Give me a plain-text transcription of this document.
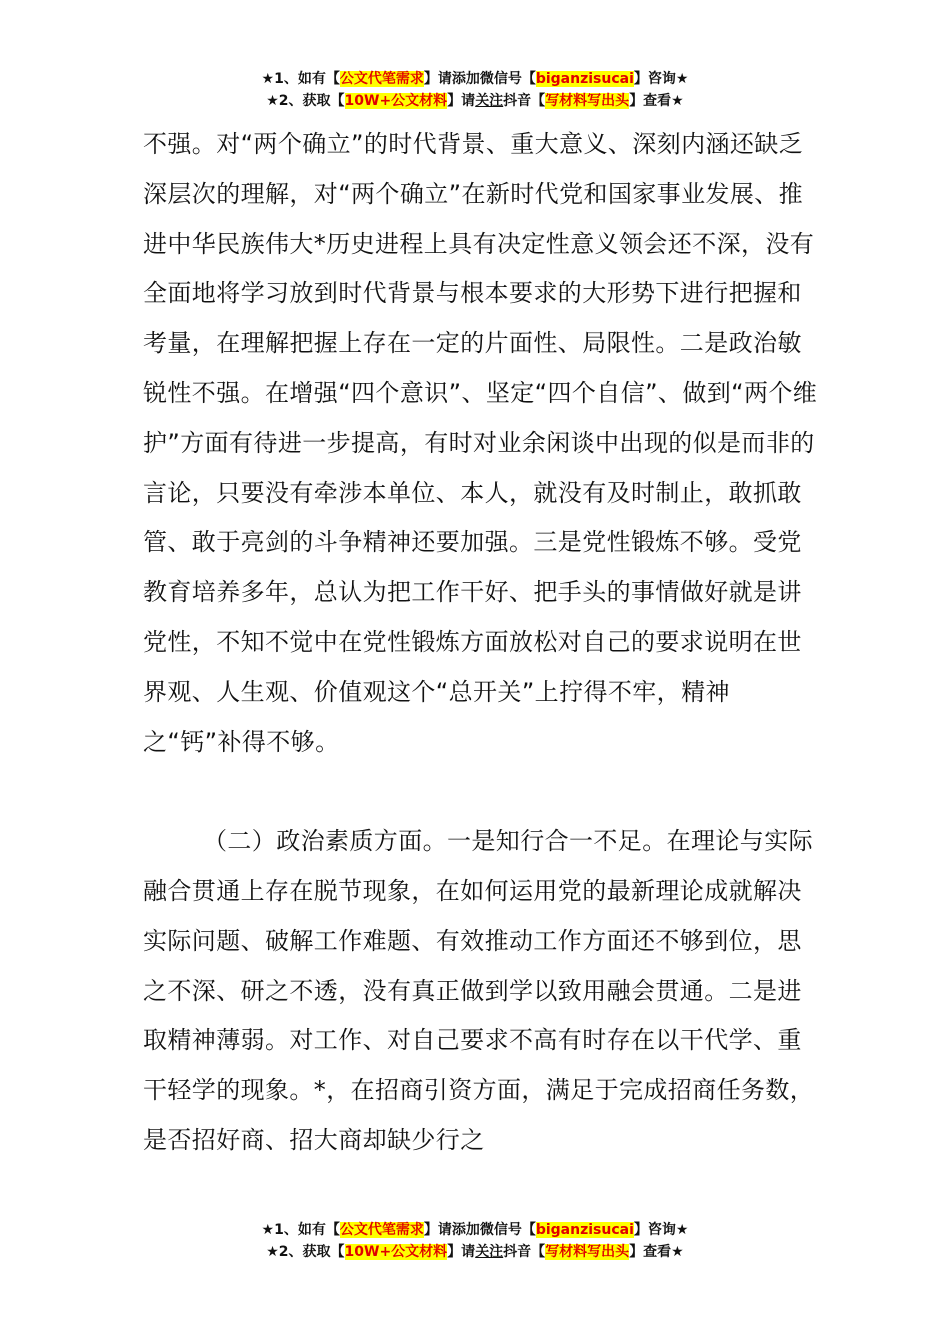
★1、如有【公文代笔需求】请添加微信号【biganzisucai】咨询★
★2、获取【10W+公文材料】请关注抖音【写材料写出头】查看★

不强。对“两个确立”的时代背景、重大意义、深刻内涵还缺乏深层次的理解，对“两个确立”在新时代党和国家事业发展、推进中华民族伟大*历史进程上具有决定性意义领会还不深，没有全面地将学习放到时代背景与根本要求的大形势下进行把握和考量，在理解把握上存在一定的片面性、局限性。二是政治敏锐性不强。在增强“四个意识”、坚定“四个自信”、做到“两个维护”方面有待进一步提高，有时对业余闲谈中出现的似是而非的言论，只要没有牵涉本单位、本人，就没有及时制止，敢抓敢管、敢于亮剑的斗争精神还要加强。三是党性锻炼不够。受党教育培养多年，总认为把工作干好、把手头的事情做好就是讲党性，不知不觉中在党性锻炼方面放松对自己的要求说明在世界观、人生观、价值观这个“总开关”上拧得不牢，精神之“钙”补得不够。

（二）政治素质方面。一是知行合一不足。在理论与实际融合贯通上存在脱节现象，在如何运用党的最新理论成就解决实际问题、破解工作难题、有效推动工作方面还不够到位，思之不深、研之不透，没有真正做到学以致用融会贯通。二是进取精神薄弱。对工作、对自己要求不高有时存在以干代学、重干轻学的现象。*，在招商引资方面，满足于完成招商任务数，是否招好商、招大商却缺少行之

★1、如有【公文代笔需求】请添加微信号【biganzisucai】咨询★
★2、获取【10W+公文材料】请关注抖音【写材料写出头】查看★
